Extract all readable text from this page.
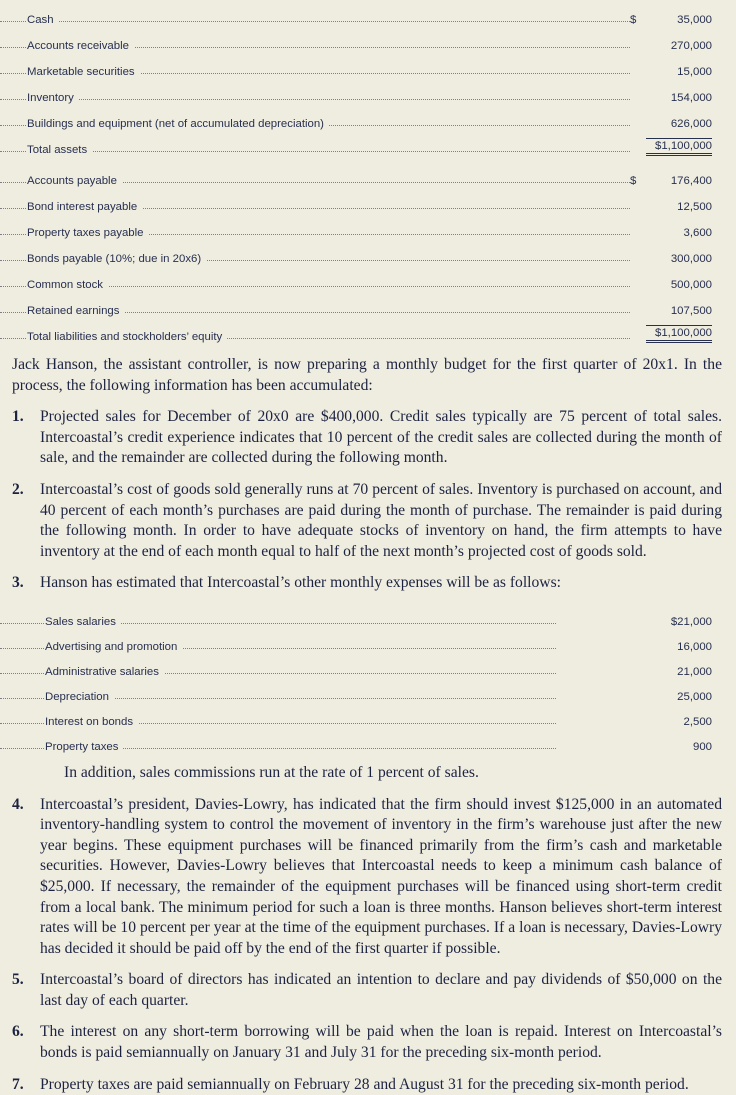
Cash	$	35,000

Accounts receivable		270,000

Marketable securities		15,000

Inventory		154,000

Buildings and equipment (net of accumulated depreciation)		626,000

Total assets		$1,100,000

Accounts payable	$	176,400

Bond interest payable		12,500

Property taxes payable		3,600

Bonds payable (10%; due in 20x6)		300,000

Common stock		500,000

Retained earnings		107,500

Total liabilities and stockholders’ equity		$1,100,000

Jack Hanson, the assistant controller, is now preparing a monthly budget for the first quarter of 20x1. In the process, the following information has been accumulated:

1. Projected sales for December of 20x0 are $400,000. Credit sales typically are 75 percent of total sales. Intercoastal’s credit experience indicates that 10 percent of the credit sales are collected during the month of sale, and the remainder are collected during the following month.
2. Intercoastal’s cost of goods sold generally runs at 70 percent of sales. Inventory is purchased on account, and 40 percent of each month’s purchases are paid during the month of purchase. The remainder is paid during the following month. In order to have adequate stocks of inventory on hand, the firm attempts to have inventory at the end of each month equal to half of the next month’s projected cost of goods sold.
3. Hanson has estimated that Intercoastal’s other monthly expenses will be as follows:
Sales salaries	$21,000

Advertising and promotion	16,000

Administrative salaries	21,000

Depreciation	25,000

Interest on bonds	2,500

Property taxes	900

In addition, sales commissions run at the rate of 1 percent of sales.

4. Intercoastal’s president, Davies-Lowry, has indicated that the firm should invest $125,000 in an automated inventory-handling system to control the movement of inventory in the firm’s warehouse just after the new year begins. These equipment purchases will be financed primarily from the firm’s cash and marketable securities. However, Davies-Lowry believes that Intercoastal needs to keep a minimum cash balance of $25,000. If necessary, the remainder of the equipment purchases will be financed using short-term credit from a local bank. The minimum period for such a loan is three months. Hanson believes short-term interest rates will be 10 percent per year at the time of the equipment purchases. If a loan is necessary, Davies-Lowry has decided it should be paid off by the end of the first quarter if possible.
5. Intercoastal’s board of directors has indicated an intention to declare and pay dividends of $50,000 on the last day of each quarter.
6. The interest on any short-term borrowing will be paid when the loan is repaid. Interest on Intercoastal’s bonds is paid semiannually on January 31 and July 31 for the preceding six-month period.
7. Property taxes are paid semiannually on February 28 and August 31 for the preceding six-month period.
